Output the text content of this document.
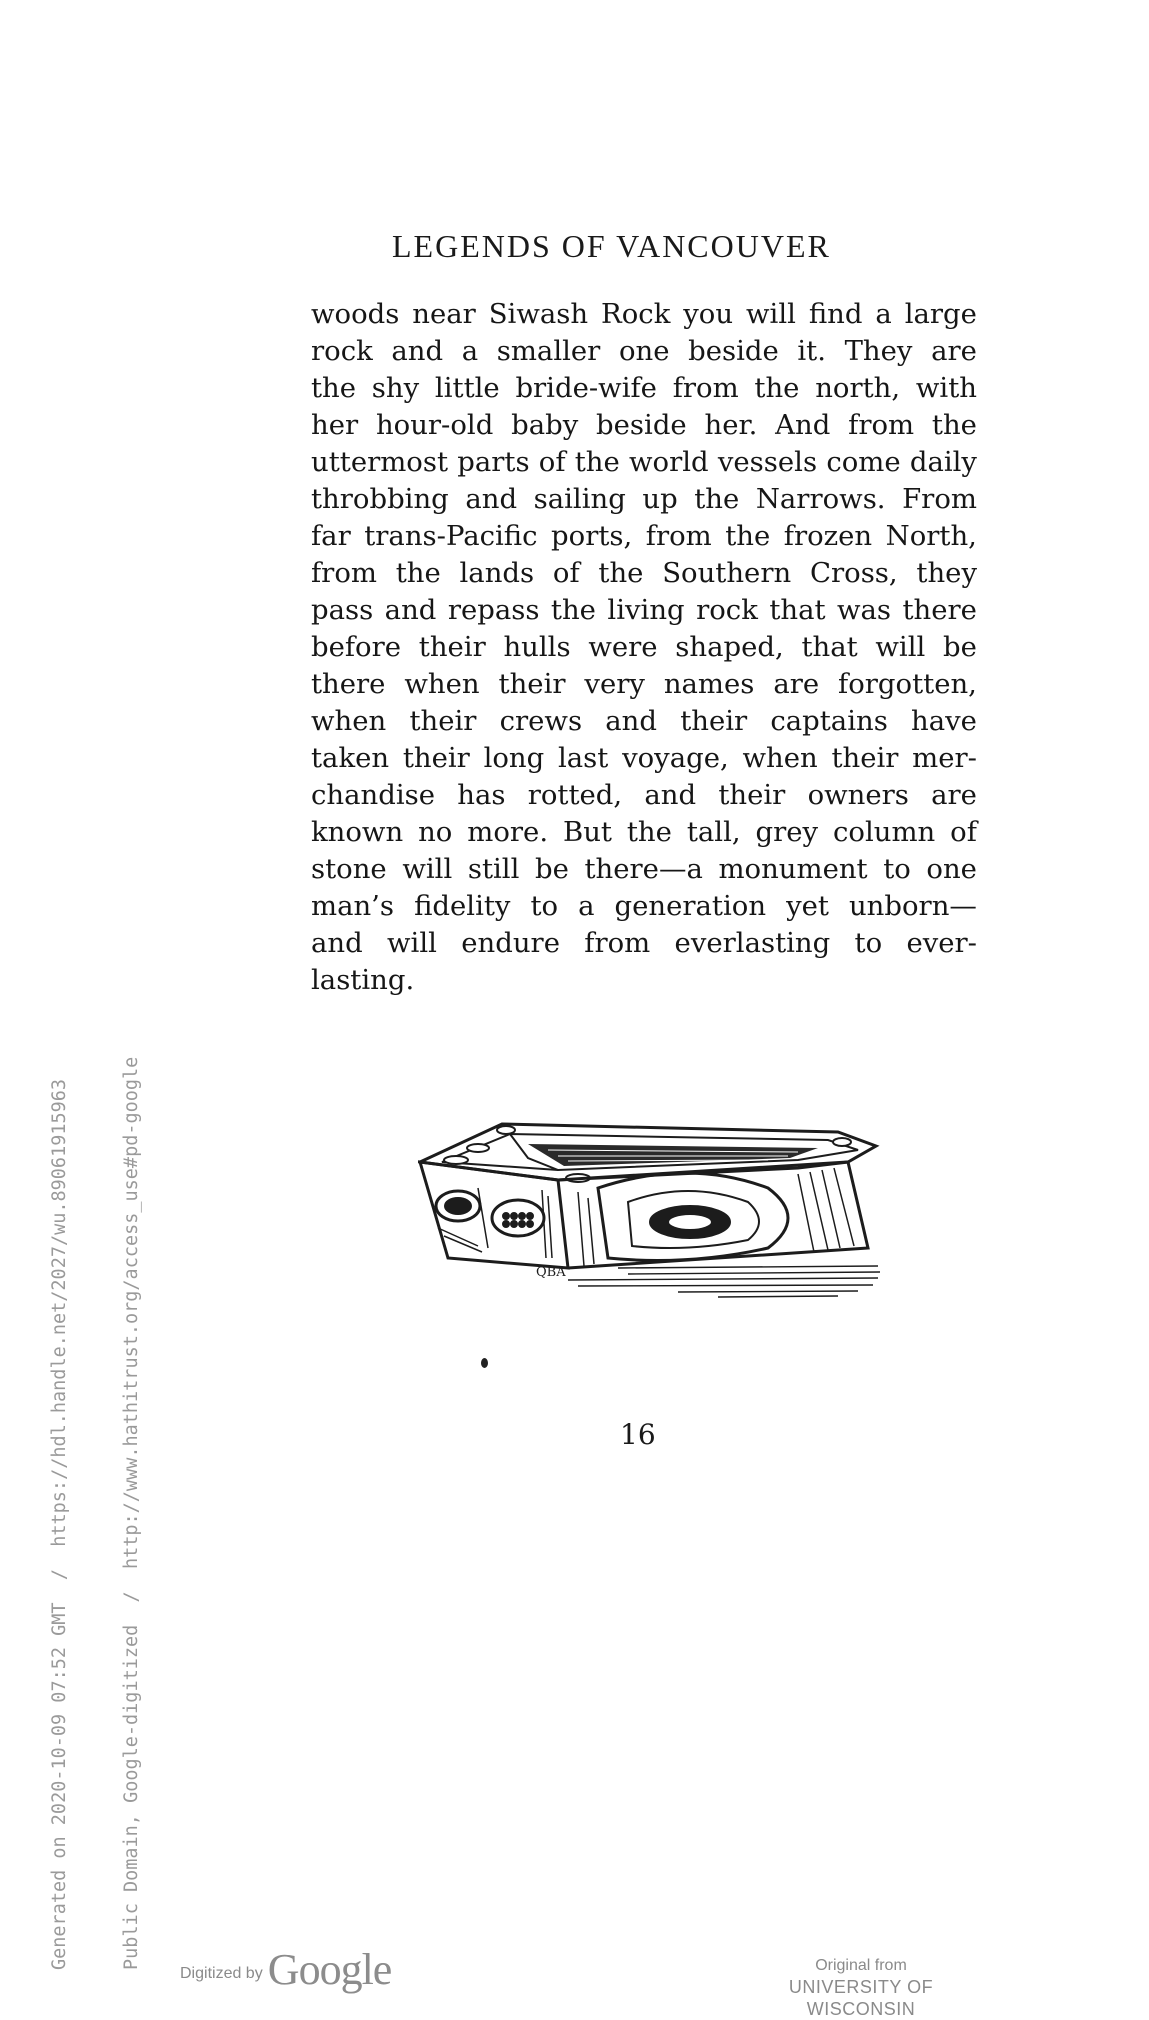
LEGENDS OF VANCOUVER
woods near Siwash Rock you will find a large
rock and a smaller one beside it. They are
the shy little bride-wife from the north, with
her hour-old baby beside her. And from the
uttermost parts of the world vessels come daily
throbbing and sailing up the Narrows. From
far trans-Pacific ports, from the frozen North,
from the lands of the Southern Cross, they
pass and repass the living rock that was there
before their hulls were shaped, that will be
there when their very names are forgotten,
when their crews and their captains have
taken their long last voyage, when their mer-
chandise has rotted, and their owners are
known no more. But the tall, grey column of
stone will still be there—a monument to one
man’s fidelity to a generation yet unborn—
and will endure from everlasting to ever-
lasting.
QBA
16

Generated on 2020-10-09 07:52 GMT  /  https://hdl.handle.net/2027/wu.89061915963

	Public Domain, Google-digitized  /  http://www.hathitrust.org/access_use#pd-google

Digitized by Google	Original from
UNIVERSITY OF WISCONSIN
